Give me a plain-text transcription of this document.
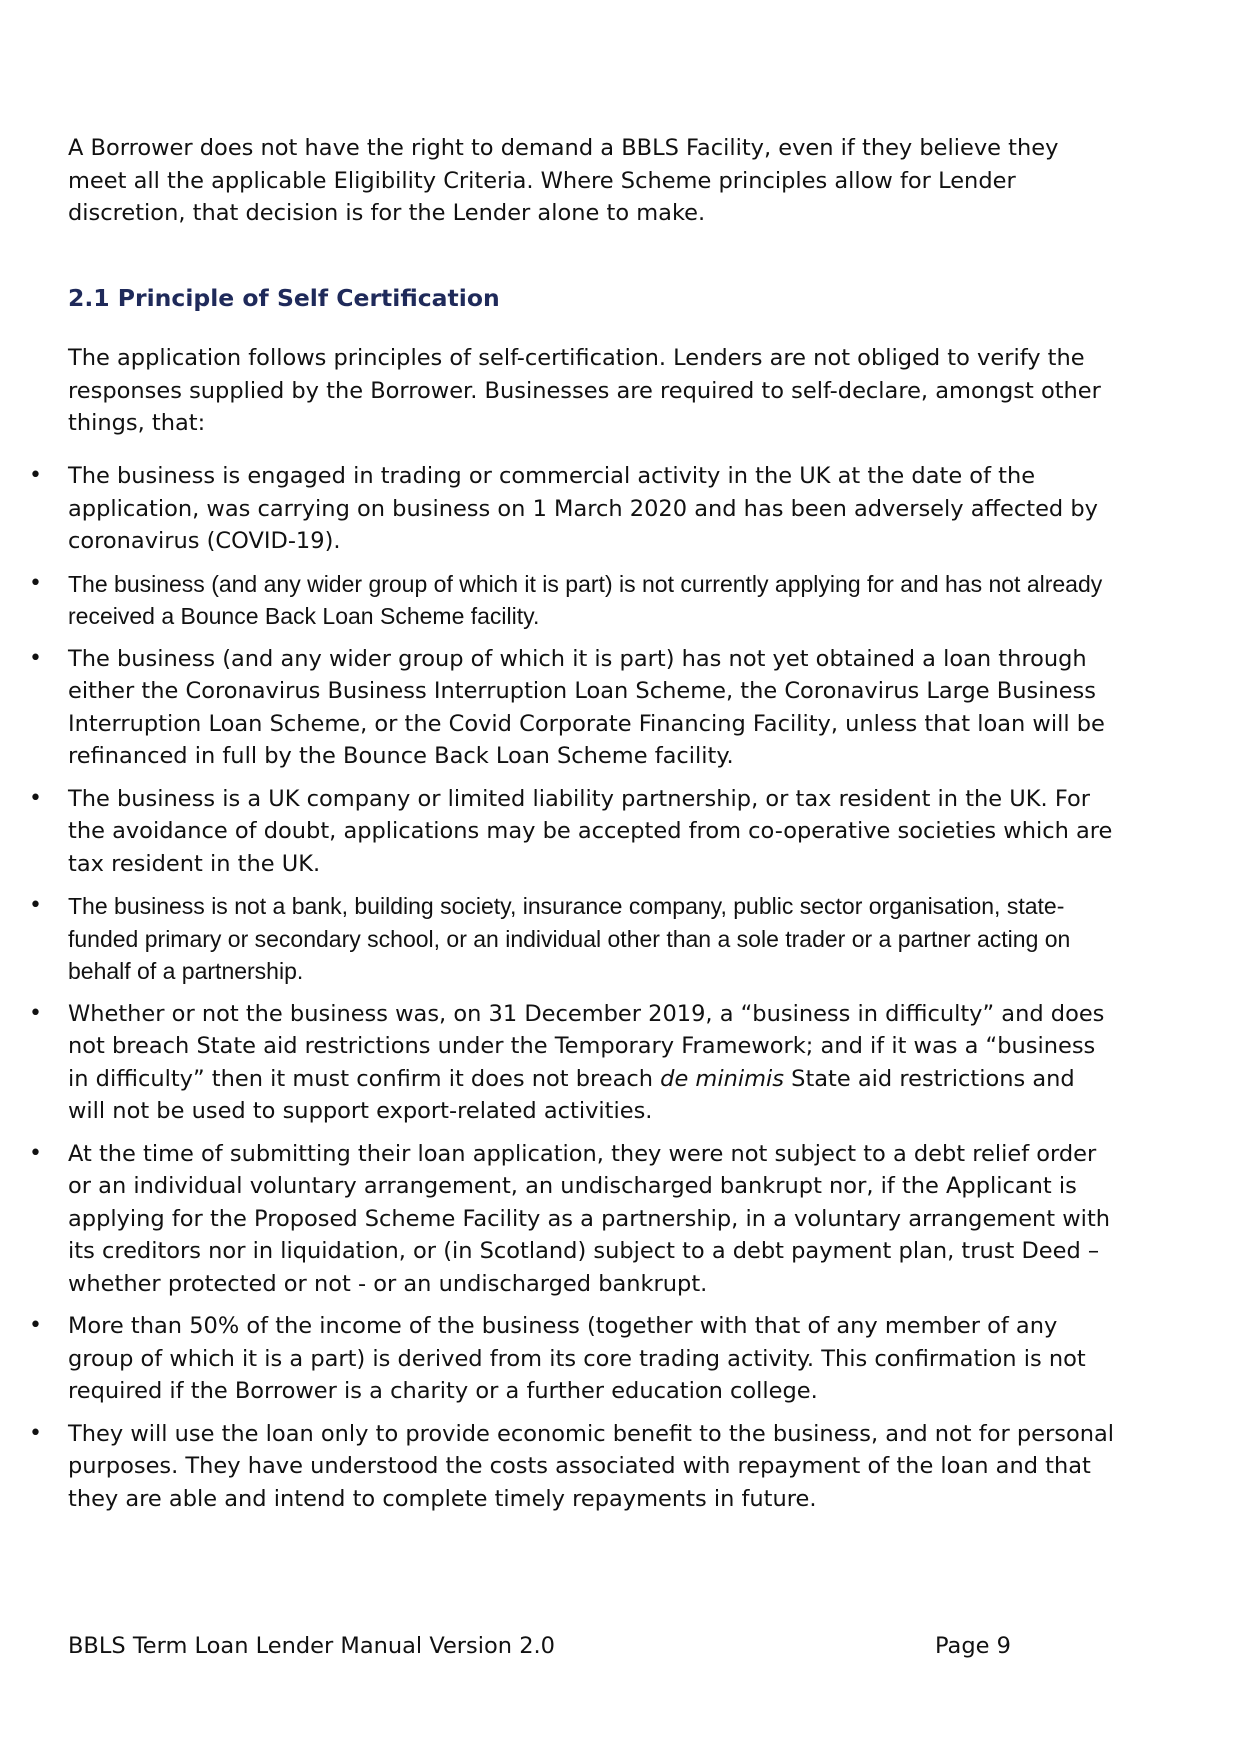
A Borrower does not have the right to demand a BBLS Facility, even if they believe they meet all the applicable Eligibility Criteria. Where Scheme principles allow for Lender discretion, that decision is for the Lender alone to make.

2.1 Principle of Self Certification

The application follows principles of self-certification. Lenders are not obliged to verify the responses supplied by the Borrower. Businesses are required to self-declare, amongst other things, that:

• The business is engaged in trading or commercial activity in the UK at the date of the application, was carrying on business on 1 March 2020 and has been adversely affected by coronavirus (COVID-19).
• The business (and any wider group of which it is part) is not currently applying for and has not already received a Bounce Back Loan Scheme facility.
• The business (and any wider group of which it is part) has not yet obtained a loan through either the Coronavirus Business Interruption Loan Scheme, the Coronavirus Large Business Interruption Loan Scheme, or the Covid Corporate Financing Facility, unless that loan will be refinanced in full by the Bounce Back Loan Scheme facility.
• The business is a UK company or limited liability partnership, or tax resident in the UK. For the avoidance of doubt, applications may be accepted from co-operative societies which are tax resident in the UK.
• The business is not a bank, building society, insurance company, public sector organisation, state-funded primary or secondary school, or an individual other than a sole trader or a partner acting on behalf of a partnership.
• Whether or not the business was, on 31 December 2019, a “business in difficulty” and does not breach State aid restrictions under the Temporary Framework; and if it was a “business in difficulty” then it must confirm it does not breach de minimis State aid restrictions and will not be used to support export-related activities.
• At the time of submitting their loan application, they were not subject to a debt relief order or an individual voluntary arrangement, an undischarged bankrupt nor, if the Applicant is applying for the Proposed Scheme Facility as a partnership, in a voluntary arrangement with its creditors nor in liquidation, or (in Scotland) subject to a debt payment plan, trust Deed – whether protected or not - or an undischarged bankrupt.
• More than 50% of the income of the business (together with that of any member of any group of which it is a part) is derived from its core trading activity. This confirmation is not required if the Borrower is a charity or a further education college.
• They will use the loan only to provide economic benefit to the business, and not for personal purposes. They have understood the costs associated with repayment of the loan and that they are able and intend to complete timely repayments in future.

BBLS Term Loan Lender Manual Version 2.0	Page 9
